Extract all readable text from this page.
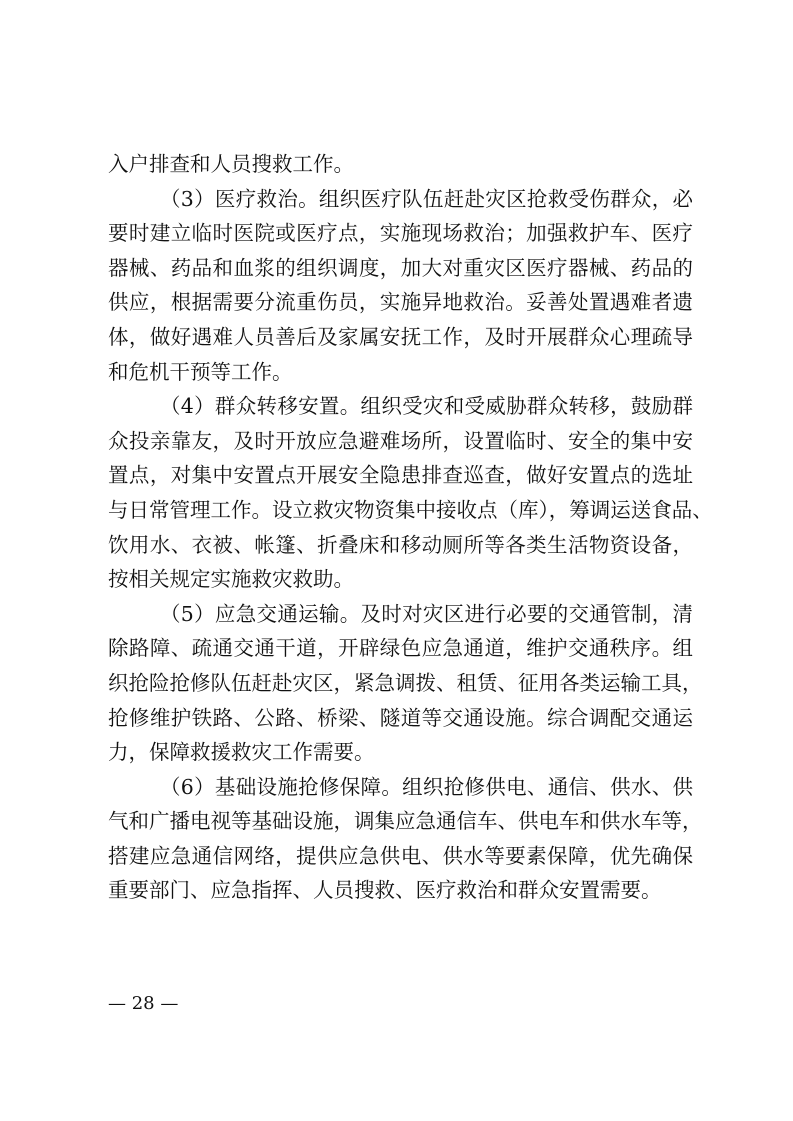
入户排查和人员搜救工作。
（3）医疗救治。组织医疗队伍赶赴灾区抢救受伤群众，必
要时建立临时医院或医疗点，实施现场救治；加强救护车、医疗
器械、药品和血浆的组织调度，加大对重灾区医疗器械、药品的
供应，根据需要分流重伤员，实施异地救治。妥善处置遇难者遗
体，做好遇难人员善后及家属安抚工作，及时开展群众心理疏导
和危机干预等工作。
（4）群众转移安置。组织受灾和受威胁群众转移，鼓励群
众投亲靠友，及时开放应急避难场所，设置临时、安全的集中安
置点，对集中安置点开展安全隐患排查巡查，做好安置点的选址
与日常管理工作。设立救灾物资集中接收点（库），筹调运送食品、
饮用水、衣被、帐篷、折叠床和移动厕所等各类生活物资设备，
按相关规定实施救灾救助。
（5）应急交通运输。及时对灾区进行必要的交通管制，清
除路障、疏通交通干道，开辟绿色应急通道，维护交通秩序。组
织抢险抢修队伍赶赴灾区，紧急调拨、租赁、征用各类运输工具，
抢修维护铁路、公路、桥梁、隧道等交通设施。综合调配交通运
力，保障救援救灾工作需要。
（6）基础设施抢修保障。组织抢修供电、通信、供水、供
气和广播电视等基础设施，调集应急通信车、供电车和供水车等，
搭建应急通信网络，提供应急供电、供水等要素保障，优先确保
重要部门、应急指挥、人员搜救、医疗救治和群众安置需要。
— 28 —
